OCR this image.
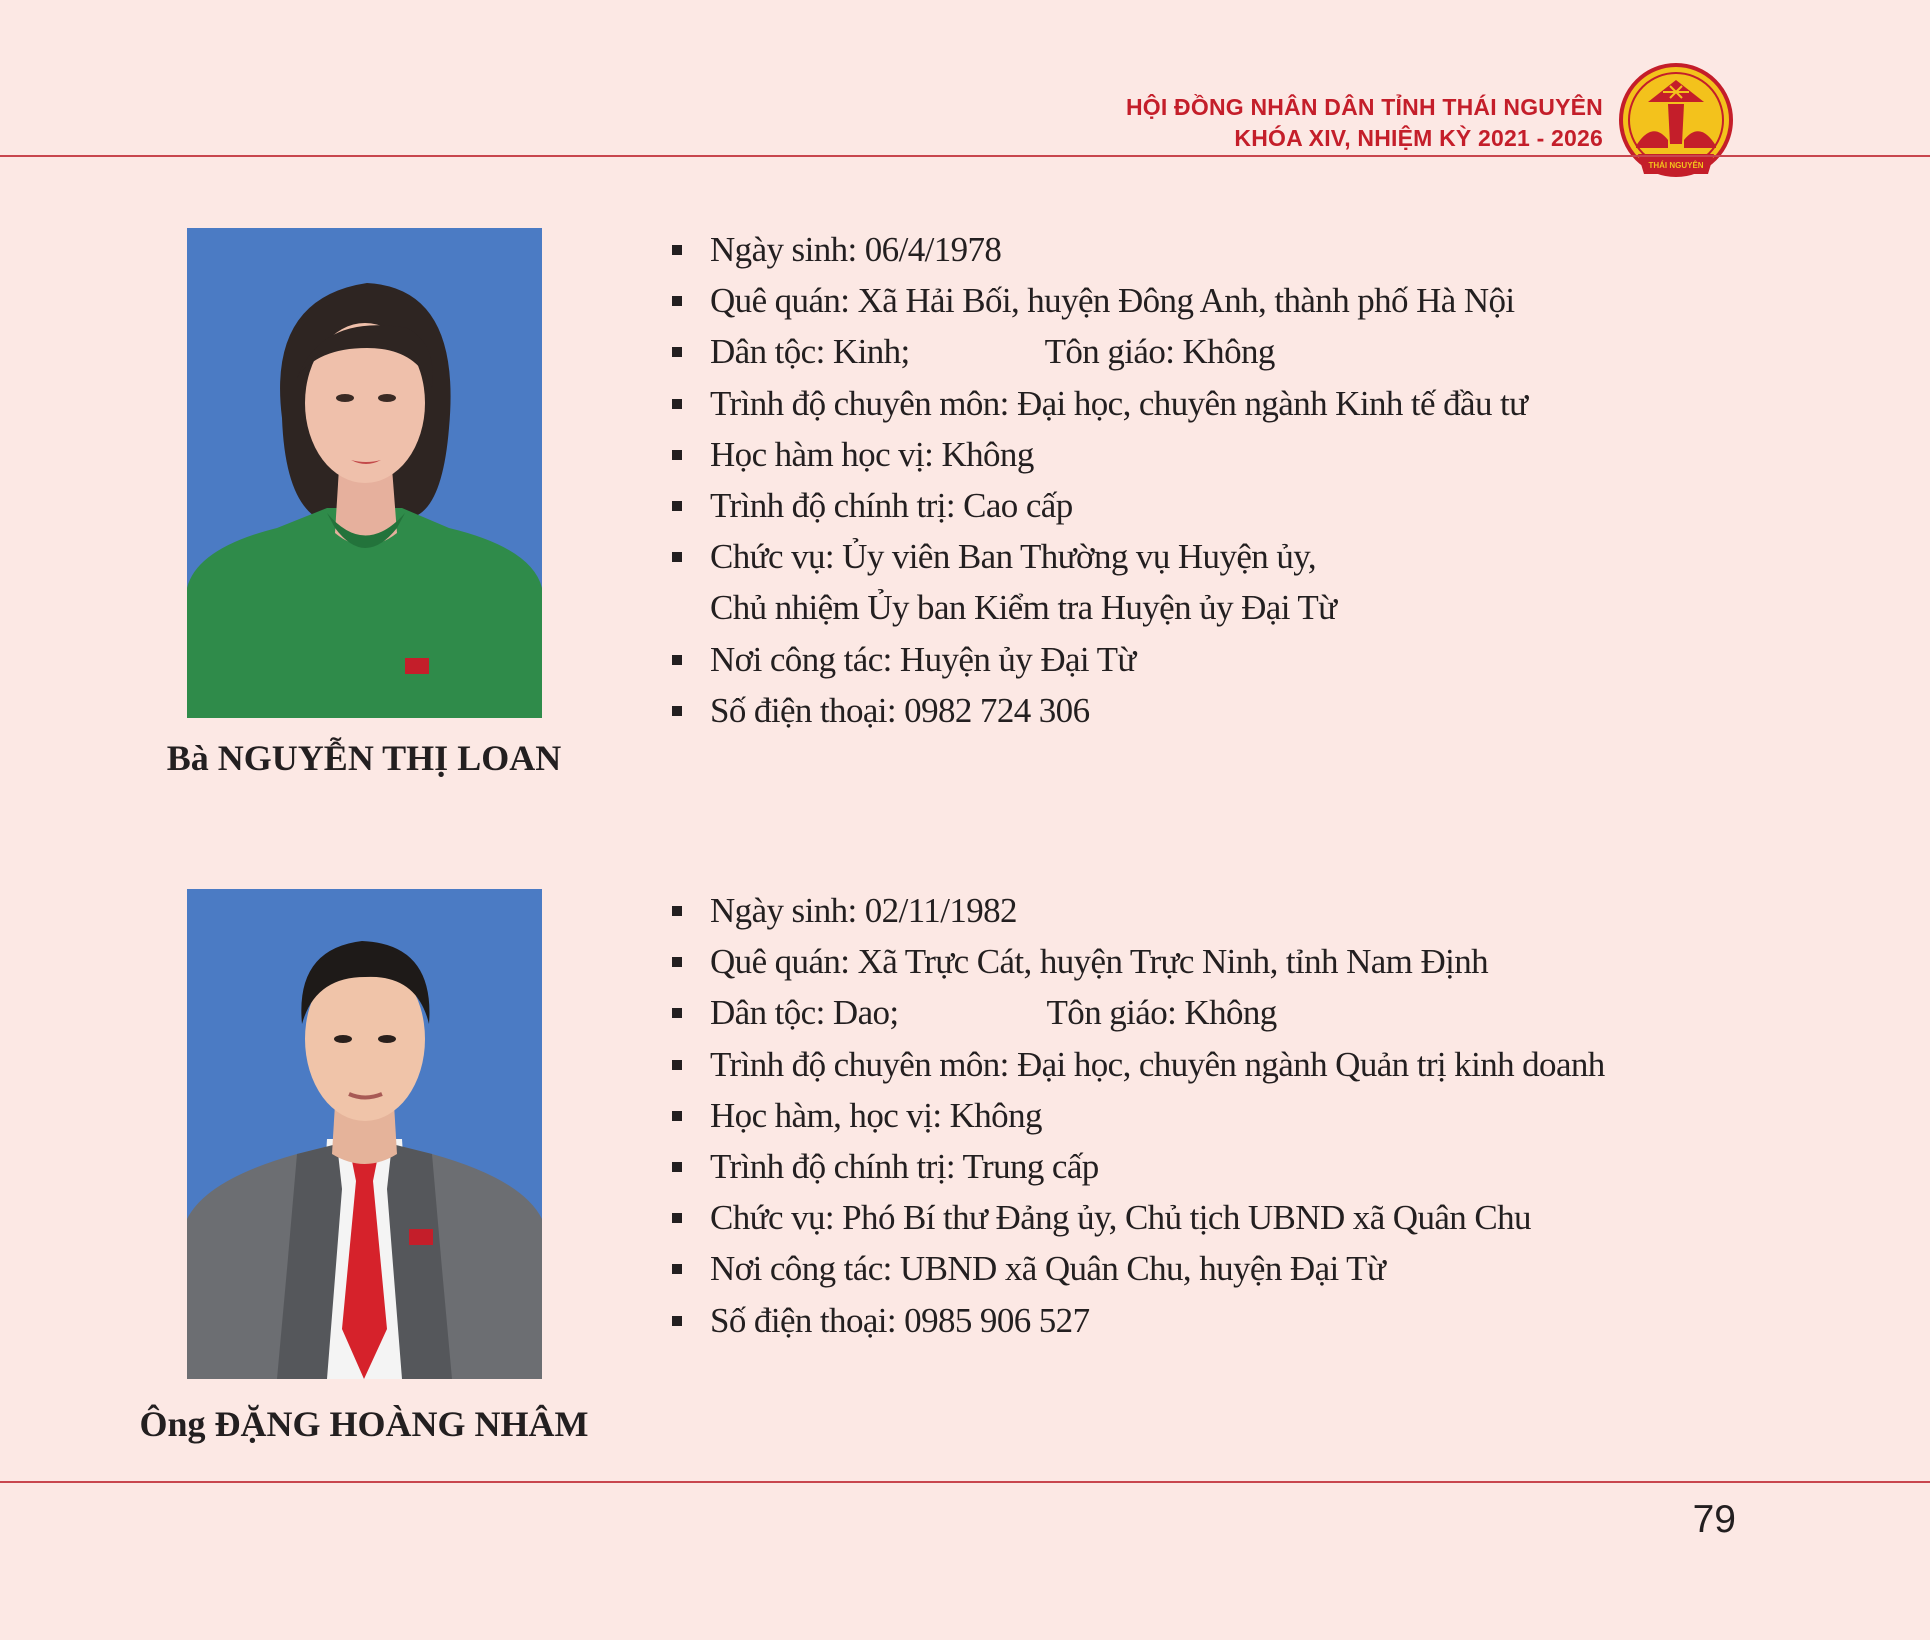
HỘI ĐỒNG NHÂN DÂN TỈNH THÁI NGUYÊN
KHÓA XIV, NHIỆM KỲ 2021 - 2026
THÁI NGUYÊN
Bà NGUYỄN THỊ LOAN
Ngày sinh: 06/4/1978
Quê quán: Xã Hải Bối, huyện Đông Anh, thành phố Hà Nội
Dân tộc: Kinh;	Tôn giáo: Không
Trình độ chuyên môn: Đại học, chuyên ngành Kinh tế đầu tư
Học hàm học vị: Không
Trình độ chính trị: Cao cấp
Chức vụ: Ủy viên Ban Thường vụ Huyện ủy,
Chủ nhiệm Ủy ban Kiểm tra Huyện ủy Đại Từ
Nơi công tác: Huyện ủy Đại Từ
Số điện thoại: 0982 724 306
Ông ĐẶNG HOÀNG NHÂM
Ngày sinh: 02/11/1982
Quê quán: Xã Trực Cát, huyện Trực Ninh, tỉnh Nam Định
Dân tộc: Dao;	Tôn giáo: Không
Trình độ chuyên môn: Đại học, chuyên ngành Quản trị kinh doanh
Học hàm, học vị: Không
Trình độ chính trị: Trung cấp
Chức vụ: Phó Bí thư Đảng ủy, Chủ tịch UBND xã Quân Chu
Nơi công tác: UBND xã Quân Chu, huyện Đại Từ
Số điện thoại: 0985 906 527
79
